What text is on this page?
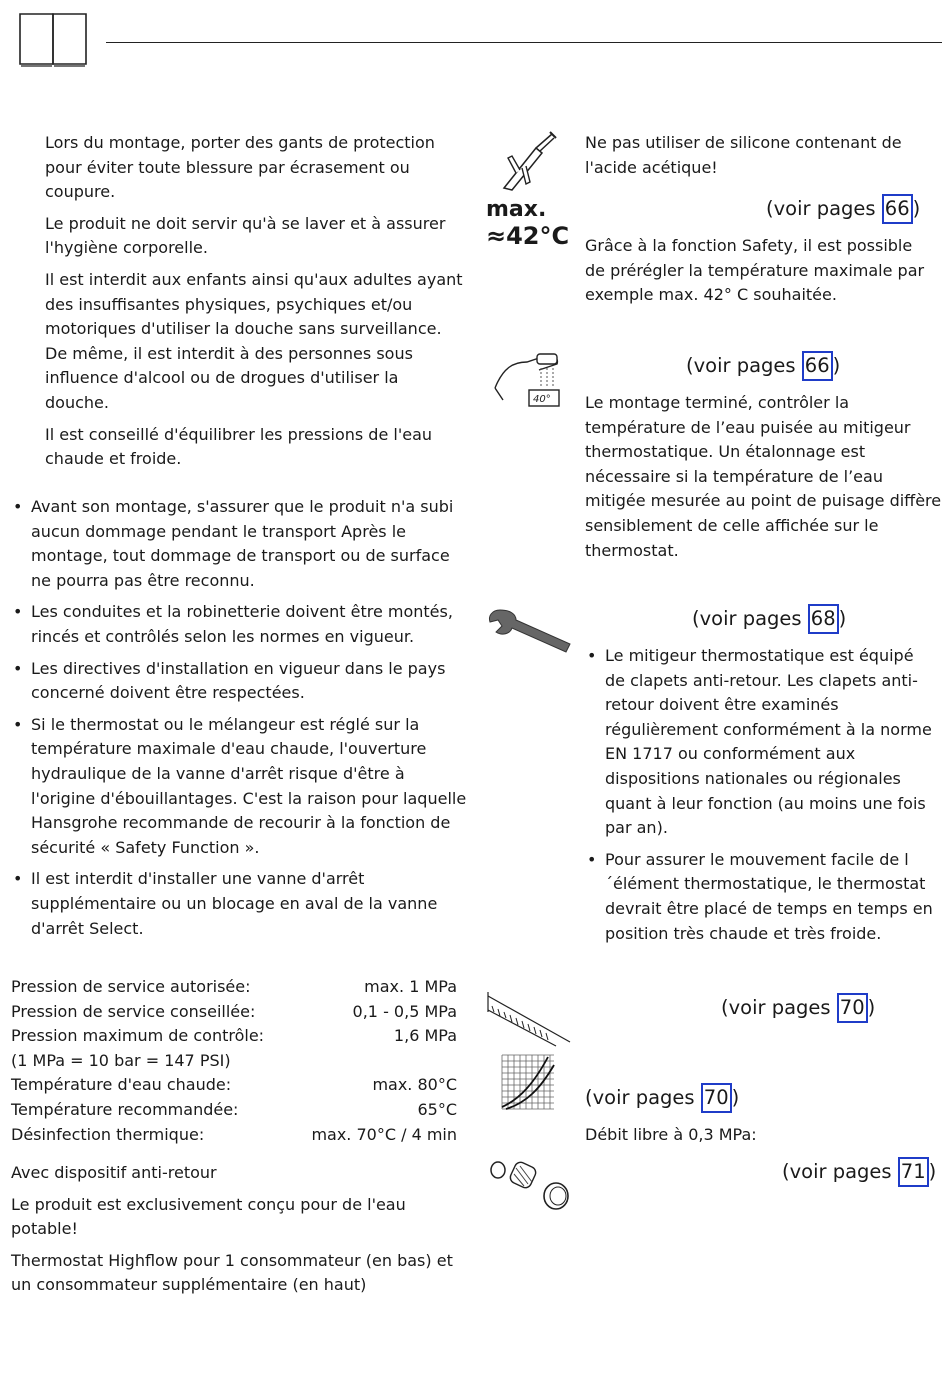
Lors du montage, porter des gants de protection pour éviter toute blessure par écrasement ou coupure.

Le produit ne doit servir qu'à se laver et à assurer l'hygiène corporelle.

Il est interdit aux enfants ainsi qu'aux adultes ayant des insuffisantes physiques, psychiques et/ou motoriques d'utiliser la douche sans surveillance. De même, il est interdit à des personnes sous influence d'alcool ou de drogues d'utiliser la douche.

Il est conseillé d'équilibrer les pressions de l'eau chaude et froide.

• Avant son montage, s'assurer que le produit n'a subi aucun dommage pendant le transport Après le montage, tout dommage de transport ou de surface ne pourra pas être reconnu.
• Les conduites et la robinetterie doivent être montés, rincés et contrôlés selon les normes en vigueur.
• Les directives d'installation en vigueur dans le pays concerné doivent être respectées.
• Si le thermostat ou le mélangeur est réglé sur la température maximale d'eau chaude, l'ouverture hydraulique de la vanne d'arrêt risque d'être à l'origine d'ébouillantages. C'est la raison pour laquelle Hansgrohe recommande de recourir à la fonction de sécurité « Safety Function ».
• Il est interdit d'installer une vanne d'arrêt supplémentaire ou un blocage en aval de la vanne d'arrêt Select.
Pression de service autorisée:	max. 1 MPa
Pression de service conseillée:	0,1 - 0,5 MPa
Pression maximum de contrôle:	1,6 MPa
(1 MPa = 10 bar = 147 PSI)
Température d'eau chaude:	max. 80°C
Température recommandée:	65°C
Désinfection thermique:	max. 70°C / 4 min

Avec dispositif anti-retour

Le produit est exclusivement conçu pour de l'eau potable!

Thermostat Highflow pour 1 consommateur (en bas) et un consommateur supplémentaire (en haut)

max.
≈42°C
40°
Ne pas utiliser de silicone contenant de l'acide acétique!
(voir pages 66 )
Grâce à la fonction Safety, il est possible de prérégler la température maximale par exemple max. 42° C souhaitée.
(voir pages 66 )
Le montage terminé, contrôler la température de l’eau puisée au mitigeur thermostatique. Un étalonnage est nécessaire si la température de l’eau mitigée mesurée au point de puisage diffère sensiblement de celle affichée sur le thermostat.
(voir pages 68 )
• Le mitigeur thermostatique est équipé de clapets anti-retour. Les clapets anti-retour doivent être examinés régulièrement conformément à la norme EN 1717 ou conformément aux dispositions nationales ou régionales quant à leur fonction (au moins une fois par an).
• Pour assurer le mouvement facile de l´élément thermostatique, le thermostat devrait être placé de temps en temps en position très chaude et très froide.
(voir pages 70 )
(voir pages 70 )
Débit libre à 0,3 MPa:
(voir pages 71 )
